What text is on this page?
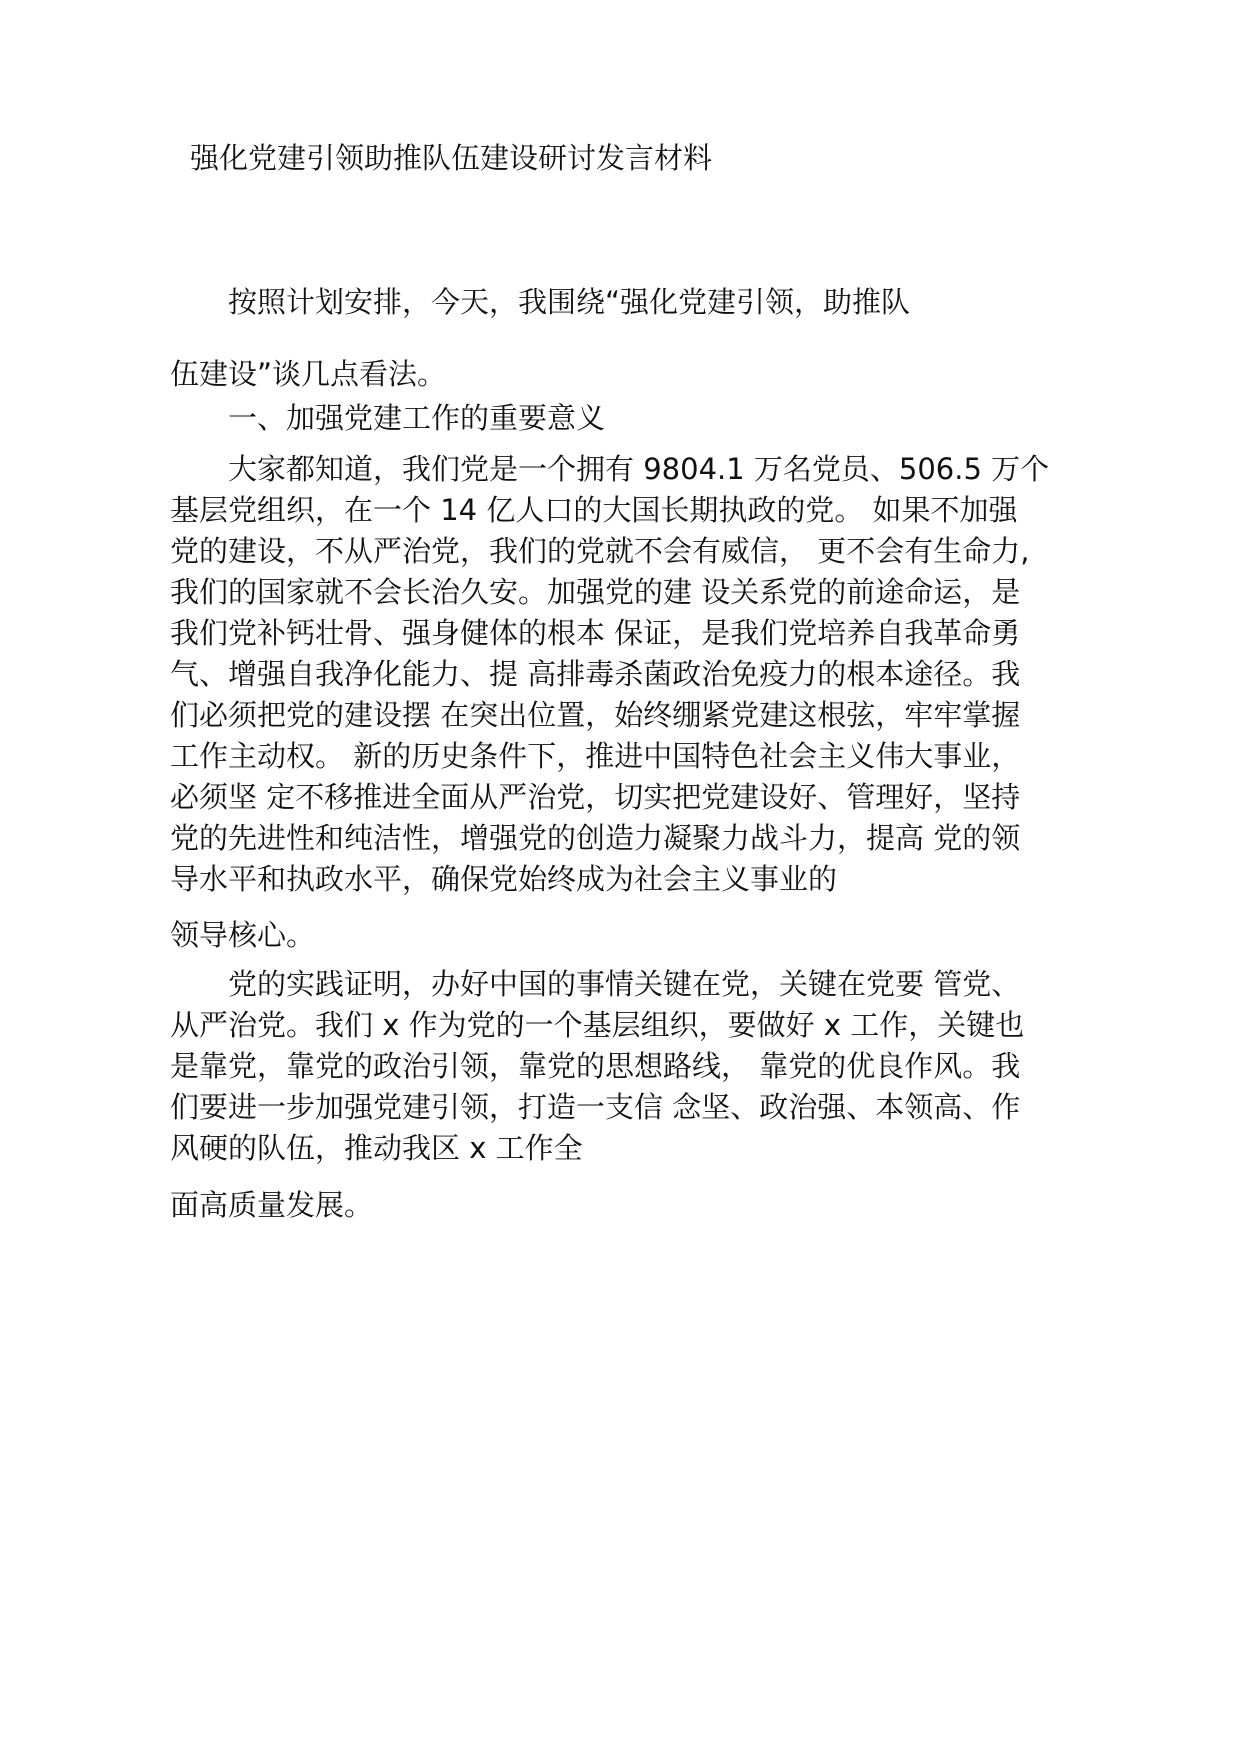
强化党建引领助推队伍建设研讨发言材料
按照计划安排，今天，我围绕“强化党建引领，助推队
伍建设”谈几点看法。
一、加强党建工作的重要意义
大家都知道，我们党是一个拥有 9804.1 万名党员、506.5 万个
基层党组织，在一个 14 亿人口的大国长期执政的党。 如果不加强
党的建设，不从严治党，我们的党就不会有威信， 更不会有生命力,
我们的国家就不会长治久安。加强党的建 设关系党的前途命运，是
我们党补钙壮骨、强身健体的根本 保证，是我们党培养自我革命勇
气、增强自我净化能力、提 高排毒杀菌政治免疫力的根本途径。我
们必须把党的建设摆 在突出位置，始终绷紧党建这根弦，牢牢掌握
工作主动权。 新的历史条件下，推进中国特色社会主义伟大事业，
必须坚 定不移推进全面从严治党，切实把党建设好、管理好，坚持
党的先进性和纯洁性，增强党的创造力凝聚力战斗力，提高 党的领
导水平和执政水平，确保党始终成为社会主义事业的
领导核心。
党的实践证明，办好中国的事情关键在党，关键在党要 管党、
从严治党。我们 x 作为党的一个基层组织，要做好 x 工作，关键也
是靠党，靠党的政治引领，靠党的思想路线， 靠党的优良作风。我
们要进一步加强党建引领，打造一支信 念坚、政治强、本领高、作
风硬的队伍，推动我区 x 工作全
面高质量发展。
